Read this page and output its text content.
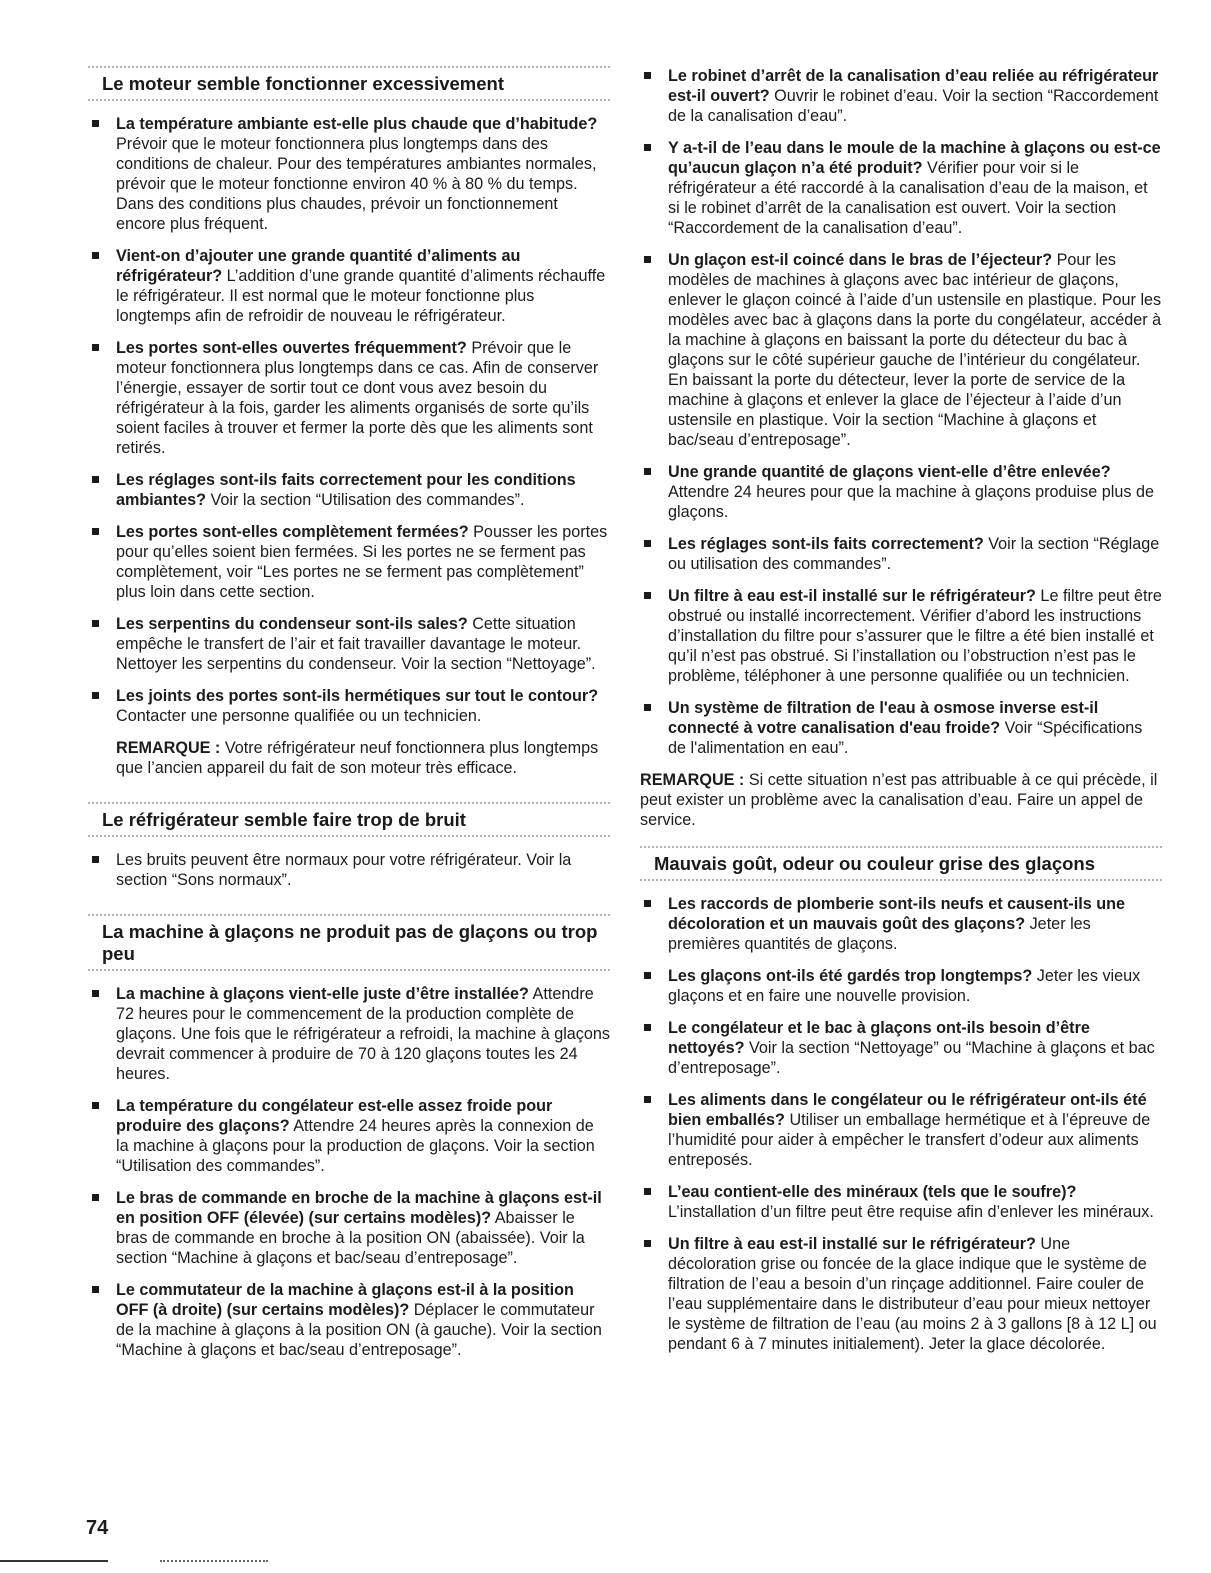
Le moteur semble fonctionner excessivement
La température ambiante est-elle plus chaude que d’habitude? Prévoir que le moteur fonctionnera plus longtemps dans des conditions de chaleur. Pour des températures ambiantes normales, prévoir que le moteur fonctionne environ 40 % à 80 % du temps. Dans des conditions plus chaudes, prévoir un fonctionnement encore plus fréquent.
Vient-on d’ajouter une grande quantité d’aliments au réfrigérateur? L’addition d’une grande quantité d’aliments réchauffe le réfrigérateur. Il est normal que le moteur fonctionne plus longtemps afin de refroidir de nouveau le réfrigérateur.
Les portes sont-elles ouvertes fréquemment? Prévoir que le moteur fonctionnera plus longtemps dans ce cas. Afin de conserver l’énergie, essayer de sortir tout ce dont vous avez besoin du réfrigérateur à la fois, garder les aliments organisés de sorte qu’ils soient faciles à trouver et fermer la porte dès que les aliments sont retirés.
Les réglages sont-ils faits correctement pour les conditions ambiantes? Voir la section “Utilisation des commandes”.
Les portes sont-elles complètement fermées? Pousser les portes pour qu’elles soient bien fermées. Si les portes ne se ferment pas complètement, voir “Les portes ne se ferment pas complètement” plus loin dans cette section.
Les serpentins du condenseur sont-ils sales? Cette situation empêche le transfert de l’air et fait travailler davantage le moteur. Nettoyer les serpentins du condenseur. Voir la section “Nettoyage”.
Les joints des portes sont-ils hermétiques sur tout le contour? Contacter une personne qualifiée ou un technicien.
REMARQUE : Votre réfrigérateur neuf fonctionnera plus longtemps que l’ancien appareil du fait de son moteur très efficace.
Le réfrigérateur semble faire trop de bruit
Les bruits peuvent être normaux pour votre réfrigérateur. Voir la section “Sons normaux”.
La machine à glaçons ne produit pas de glaçons ou trop peu
La machine à glaçons vient-elle juste d’être installée? Attendre 72 heures pour le commencement de la production complète de glaçons. Une fois que le réfrigérateur a refroidi, la machine à glaçons devrait commencer à produire de 70 à 120 glaçons toutes les 24 heures.
La température du congélateur est-elle assez froide pour produire des glaçons? Attendre 24 heures après la connexion de la machine à glaçons pour la production de glaçons. Voir la section “Utilisation des commandes”.
Le bras de commande en broche de la machine à glaçons est-il en position OFF (élevée) (sur certains modèles)? Abaisser le bras de commande en broche à la position ON (abaissée). Voir la section “Machine à glaçons et bac/seau d’entreposage”.
Le commutateur de la machine à glaçons est-il à la position OFF (à droite) (sur certains modèles)? Déplacer le commutateur de la machine à glaçons à la position ON (à gauche). Voir la section “Machine à glaçons et bac/seau d’entreposage”.
Le robinet d’arrêt de la canalisation d’eau reliée au réfrigérateur est-il ouvert? Ouvrir le robinet d’eau. Voir la section “Raccordement de la canalisation d’eau”.
Y a-t-il de l’eau dans le moule de la machine à glaçons ou est-ce qu’aucun glaçon n’a été produit? Vérifier pour voir si le réfrigérateur a été raccordé à la canalisation d’eau de la maison, et si le robinet d’arrêt de la canalisation est ouvert. Voir la section “Raccordement de la canalisation d’eau”.
Un glaçon est-il coincé dans le bras de l’éjecteur? Pour les modèles de machines à glaçons avec bac intérieur de glaçons, enlever le glaçon coincé à l’aide d’un ustensile en plastique. Pour les modèles avec bac à glaçons dans la porte du congélateur, accéder à la machine à glaçons en baissant la porte du détecteur du bac à glaçons sur le côté supérieur gauche de l’intérieur du congélateur. En baissant la porte du détecteur, lever la porte de service de la machine à glaçons et enlever la glace de l’éjecteur à l’aide d’un ustensile en plastique. Voir la section “Machine à glaçons et bac/seau d’entreposage”.
Une grande quantité de glaçons vient-elle d’être enlevée? Attendre 24 heures pour que la machine à glaçons produise plus de glaçons.
Les réglages sont-ils faits correctement? Voir la section “Réglage ou utilisation des commandes”.
Un filtre à eau est-il installé sur le réfrigérateur? Le filtre peut être obstrué ou installé incorrectement. Vérifier d’abord les instructions d’installation du filtre pour s’assurer que le filtre a été bien installé et qu’il n’est pas obstrué. Si l’installation ou l’obstruction n’est pas le problème, téléphoner à une personne qualifiée ou un technicien.
Un système de filtration de l'eau à osmose inverse est-il connecté à votre canalisation d'eau froide? Voir “Spécifications de l'alimentation en eau”.

REMARQUE : Si cette situation n’est pas attribuable à ce qui précède, il peut exister un problème avec la canalisation d’eau. Faire un appel de service.

Mauvais goût, odeur ou couleur grise des glaçons
Les raccords de plomberie sont-ils neufs et causent-ils une décoloration et un mauvais goût des glaçons? Jeter les premières quantités de glaçons.
Les glaçons ont-ils été gardés trop longtemps? Jeter les vieux glaçons et en faire une nouvelle provision.
Le congélateur et le bac à glaçons ont-ils besoin d’être nettoyés? Voir la section “Nettoyage” ou “Machine à glaçons et bac d’entreposage”.
Les aliments dans le congélateur ou le réfrigérateur ont-ils été bien emballés? Utiliser un emballage hermétique et à l’épreuve de l’humidité pour aider à empêcher le transfert d’odeur aux aliments entreposés.
L’eau contient-elle des minéraux (tels que le soufre)? L’installation d’un filtre peut être requise afin d’enlever les minéraux.
Un filtre à eau est-il installé sur le réfrigérateur? Une décoloration grise ou foncée de la glace indique que le système de filtration de l’eau a besoin d’un rinçage additionnel. Faire couler de l’eau supplémentaire dans le distributeur d’eau pour mieux nettoyer le système de filtration de l’eau (au moins 2 à 3 gallons [8 à 12 L] ou pendant 6 à 7 minutes initialement). Jeter la glace décolorée.
74
